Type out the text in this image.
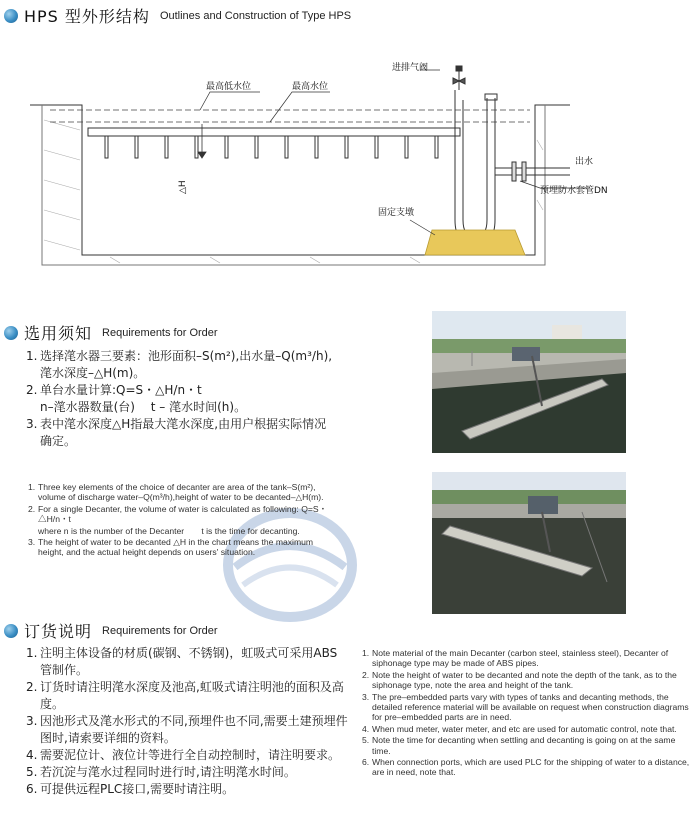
HPS 型外形结构 Outlines and Construction of Type HPS
最高低水位	最高水位
进排气阀
出水
预埋防水套管DN
固定支墩
△H
选用须知 Requirements for Order
1. 选择滗水器三要素：池形面积–S(m²),出水量–Q(m³/h),滗水深度–△H(m)。
2. 单台水量计算:Q=S・△H/n・t
n–滗水器数量(台)　 t – 滗水时间(h)。
3. 表中滗水深度△H指最大滗水深度,由用户根据实际情况确定。
1. Three key elements of the choice of decanter are area of the tank–S(m²), volume of discharge water–Q(m³/h),height of water to be decanted–△H(m).
2. For a single Decanter, the volume of water is calculated as following: Q=S・△H/n・t
where n is the number of the Decanter　　t is the time for decanting.
3. The height of water to be decanted △H in the chart means the maximum height, and the actual height depends on users' situation.
订货说明 Requirements for Order
1. 注明主体设备的材质(碳钢、不锈钢)，虹吸式可采用ABS管制作。
2. 订货时请注明滗水深度及池高,虹吸式请注明池的面积及高度。
3. 因池形式及滗水形式的不同,预埋件也不同,需要土建预埋件图时,请索要详细的资料。
4. 需要泥位计、液位计等进行全自动控制时，请注明要求。
5. 若沉淀与滗水过程同时进行时,请注明滗水时间。
6. 可提供远程PLC接口,需要时请注明。
1. Note material of the main Decanter (carbon steel, stainless steel), Decanter of siphonage type may be made of ABS pipes.
2. Note the height of water to be decanted and note the depth of the tank, as to the siphonage type, note the area and height of the tank.
3. The pre–embedded parts vary with types of tanks and decanting methods, the detailed reference material will be available on request when construction diagrams for pre–embedded parts are in need.
4. When mud meter, water meter, and etc are used for automatic control, note that.
5. Note the time for decanting when settling and decanting is going on at the same time.
6. When connection ports, which are used PLC for the shipping of water to a distance, are in need, note that.
